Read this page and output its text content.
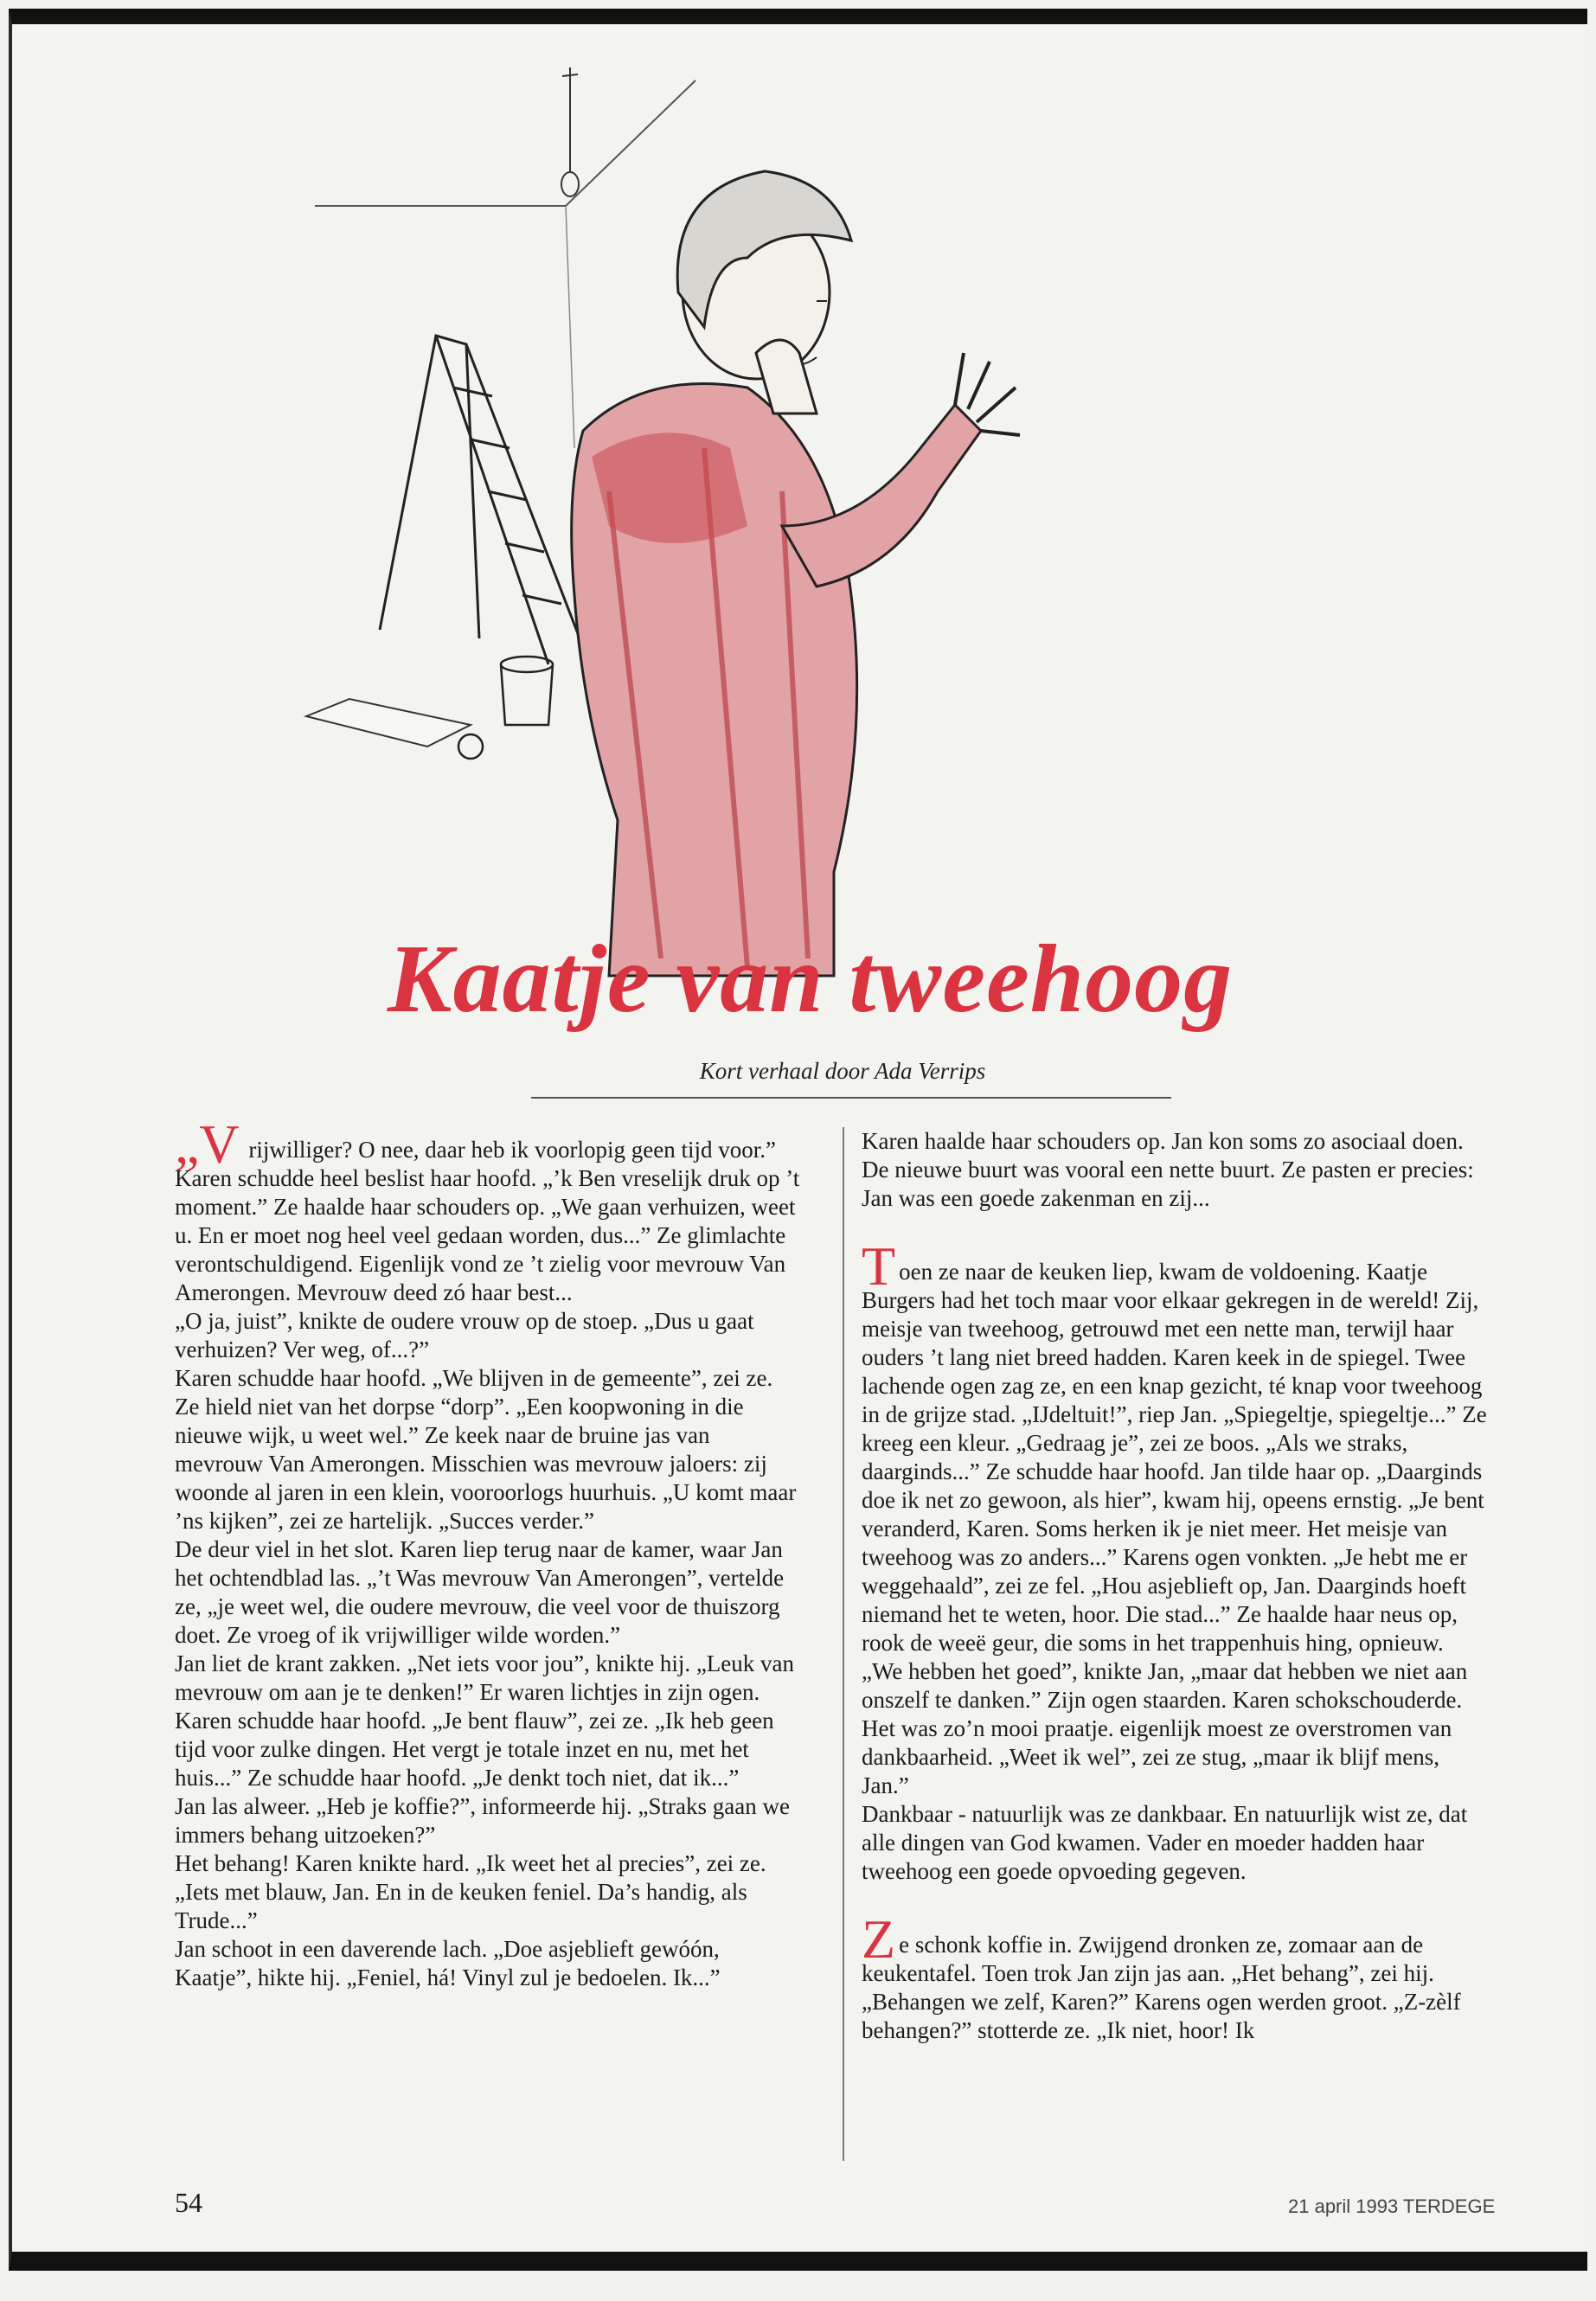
Kaatje van tweehoog
Kort verhaal door Ada Verrips

„V rijwilliger? O nee, daar heb ik voorlopig geen tijd voor.” Karen schudde heel beslist haar hoofd. „’k Ben vreselijk druk op ’t moment.” Ze haalde haar schouders op. „We gaan verhuizen, weet u. En er moet nog heel veel gedaan worden, dus...” Ze glimlachte verontschuldigend. Eigenlijk vond ze ’t zielig voor mevrouw Van Amerongen. Mevrouw deed zó haar best...

„O ja, juist”, knikte de oudere vrouw op de stoep. „Dus u gaat verhuizen? Ver weg, of...?”

Karen schudde haar hoofd. „We blijven in de gemeente”, zei ze. Ze hield niet van het dorpse “dorp”. „Een koopwoning in die nieuwe wijk, u weet wel.” Ze keek naar de bruine jas van mevrouw Van Amerongen. Misschien was mevrouw jaloers: zij woonde al jaren in een klein, vooroorlogs huurhuis. „U komt maar ’ns kijken”, zei ze hartelijk. „Succes verder.”

De deur viel in het slot. Karen liep terug naar de kamer, waar Jan het ochtendblad las. „’t Was mevrouw Van Amerongen”, vertelde ze, „je weet wel, die oudere mevrouw, die veel voor de thuiszorg doet. Ze vroeg of ik vrijwilliger wilde worden.”

Jan liet de krant zakken. „Net iets voor jou”, knikte hij. „Leuk van mevrouw om aan je te denken!” Er waren lichtjes in zijn ogen.

Karen schudde haar hoofd. „Je bent flauw”, zei ze. „Ik heb geen tijd voor zulke dingen. Het vergt je totale inzet en nu, met het huis...” Ze schudde haar hoofd. „Je denkt toch niet, dat ik...”

Jan las alweer. „Heb je koffie?”, informeerde hij. „Straks gaan we immers behang uitzoeken?”

Het behang! Karen knikte hard. „Ik weet het al precies”, zei ze. „Iets met blauw, Jan. En in de keuken feniel. Da’s handig, als Trude...”

Jan schoot in een daverende lach. „Doe asjeblieft gewóón, Kaatje”, hikte hij. „Feniel, há! Vinyl zul je bedoelen. Ik...”

Karen haalde haar schouders op. Jan kon soms zo asociaal doen. De nieuwe buurt was vooral een nette buurt. Ze pasten er precies: Jan was een goede zakenman en zij...

Toen ze naar de keuken liep, kwam de voldoening. Kaatje Burgers had het toch maar voor elkaar gekregen in de wereld! Zij, meisje van tweehoog, getrouwd met een nette man, terwijl haar ouders ’t lang niet breed hadden. Karen keek in de spiegel. Twee lachende ogen zag ze, en een knap gezicht, té knap voor tweehoog in de grijze stad. „IJdeltuit!”, riep Jan. „Spiegeltje, spiegeltje...” Ze kreeg een kleur. „Gedraag je”, zei ze boos. „Als we straks, daarginds...” Ze schudde haar hoofd. Jan tilde haar op. „Daarginds doe ik net zo gewoon, als hier”, kwam hij, opeens ernstig. „Je bent veranderd, Karen. Soms herken ik je niet meer. Het meisje van tweehoog was zo anders...” Karens ogen vonkten. „Je hebt me er weggehaald”, zei ze fel. „Hou asjeblieft op, Jan. Daarginds hoeft niemand het te weten, hoor. Die stad...” Ze haalde haar neus op, rook de weeë geur, die soms in het trappenhuis hing, opnieuw. „We hebben het goed”, knikte Jan, „maar dat hebben we niet aan onszelf te danken.” Zijn ogen staarden. Karen schokschouderde. Het was zo’n mooi praatje. eigenlijk moest ze overstromen van dankbaarheid. „Weet ik wel”, zei ze stug, „maar ik blijf mens, Jan.”

Dankbaar - natuurlijk was ze dankbaar. En natuurlijk wist ze, dat alle dingen van God kwamen. Vader en moeder hadden haar tweehoog een goede opvoeding gegeven.

Ze schonk koffie in. Zwijgend dronken ze, zomaar aan de keukentafel. Toen trok Jan zijn jas aan. „Het behang”, zei hij. „Behangen we zelf, Karen?” Karens ogen werden groot. „Z-zèlf behangen?” stotterde ze. „Ik niet, hoor! Ik

54	21 april 1993 TERDEGE
